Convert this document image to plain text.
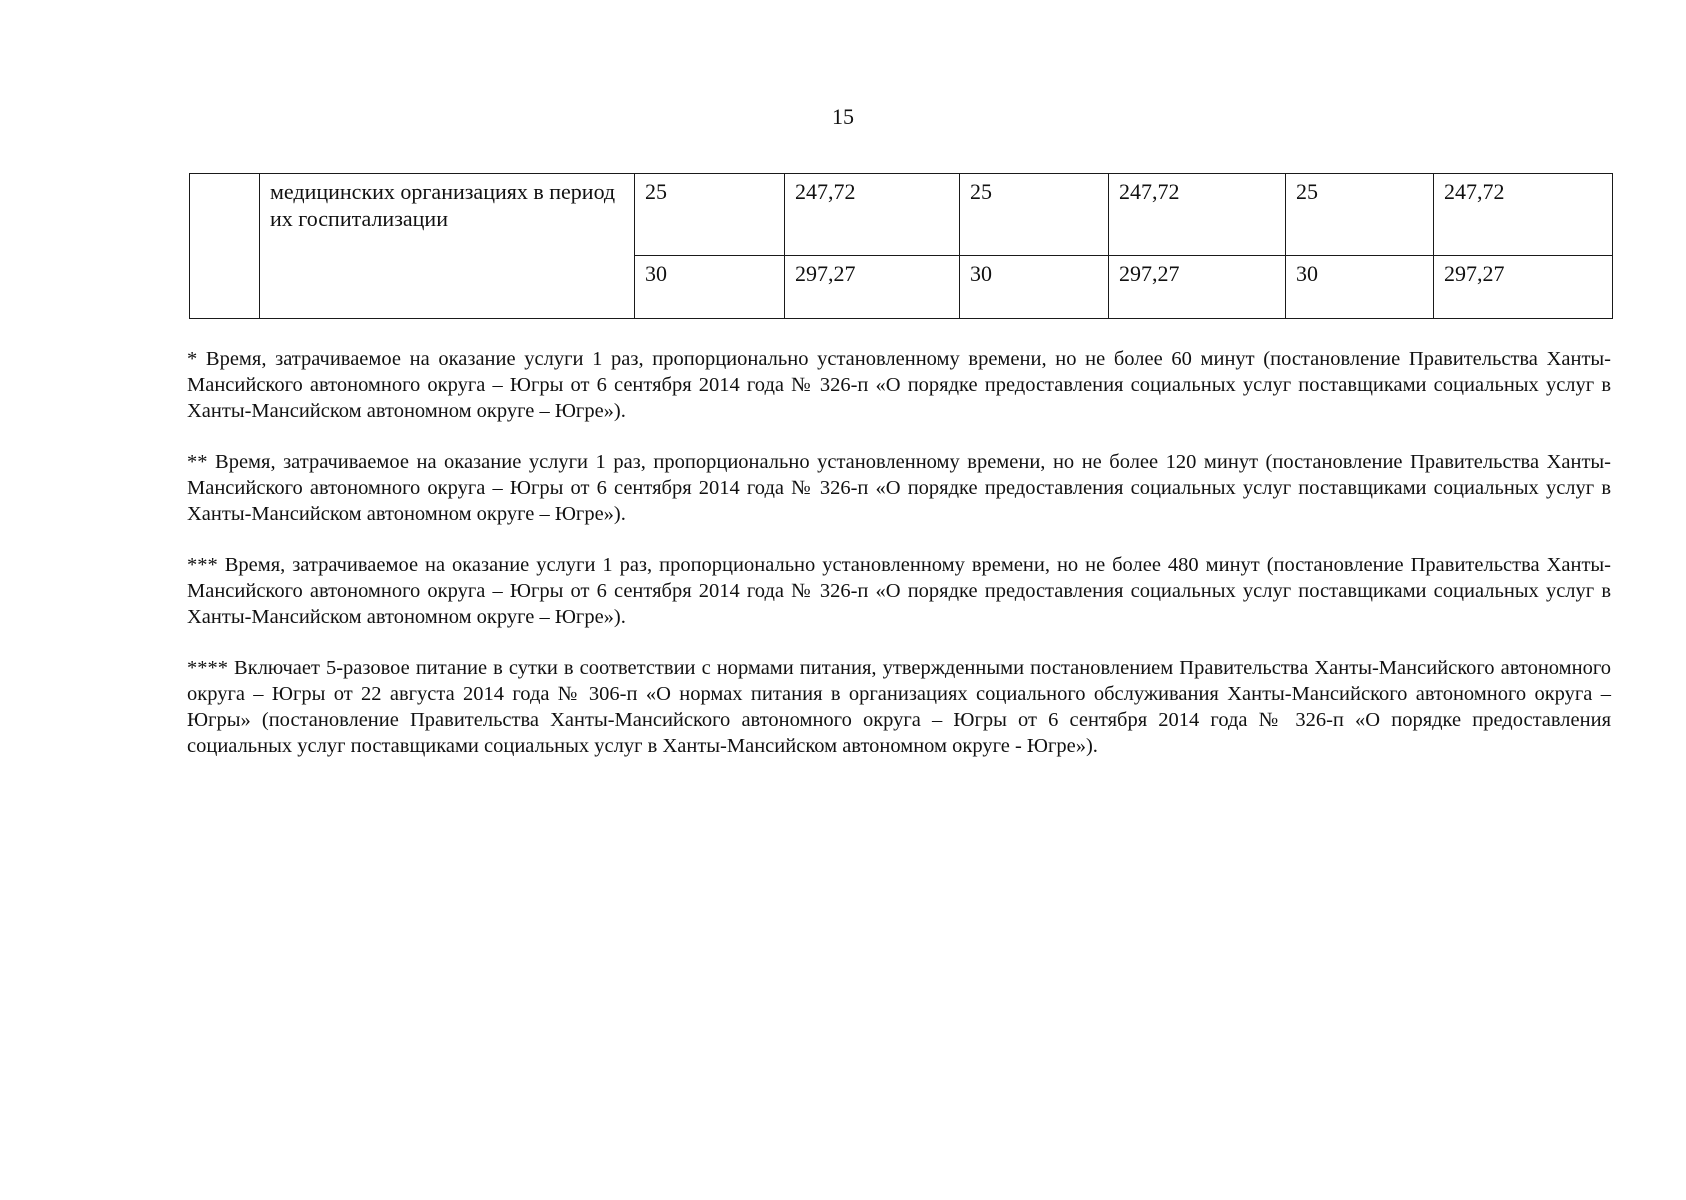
15
	медицинских организациях в период их госпитализации	25	247,72	25	247,72	25	247,72
		30	297,27	30	297,27	30	297,27

* Время, затрачиваемое на оказание услуги 1 раз, пропорционально установленному времени, но не более 60 минут (постановление Правительства Ханты-Мансийского автономного округа – Югры от 6 сентября 2014 года № 326-п «О порядке предоставления социальных услуг поставщиками социальных услуг в Ханты-Мансийском автономном округе – Югре»).

** Время, затрачиваемое на оказание услуги 1 раз, пропорционально установленному времени, но не более 120 минут (постановление Правительства Ханты-Мансийского автономного округа – Югры от 6 сентября 2014 года № 326-п «О порядке предоставления социальных услуг поставщиками социальных услуг в Ханты-Мансийском автономном округе – Югре»).

*** Время, затрачиваемое на оказание услуги 1 раз, пропорционально установленному времени, но не более 480 минут (постановление Правительства Ханты-Мансийского автономного округа – Югры от 6 сентября 2014 года № 326-п «О порядке предоставления социальных услуг поставщиками социальных услуг в Ханты-Мансийском автономном округе – Югре»).

**** Включает 5-разовое питание в сутки в соответствии с нормами питания, утвержденными постановлением Правительства Ханты-Мансийского автономного округа – Югры от 22 августа 2014 года № 306-п «О нормах питания в организациях социального обслуживания Ханты-Мансийского автономного округа – Югры» (постановление Правительства Ханты-Мансийского автономного округа – Югры от 6 сентября 2014 года № 326-п «О порядке предоставления социальных услуг поставщиками социальных услуг в Ханты-Мансийском автономном округе - Югре»).
